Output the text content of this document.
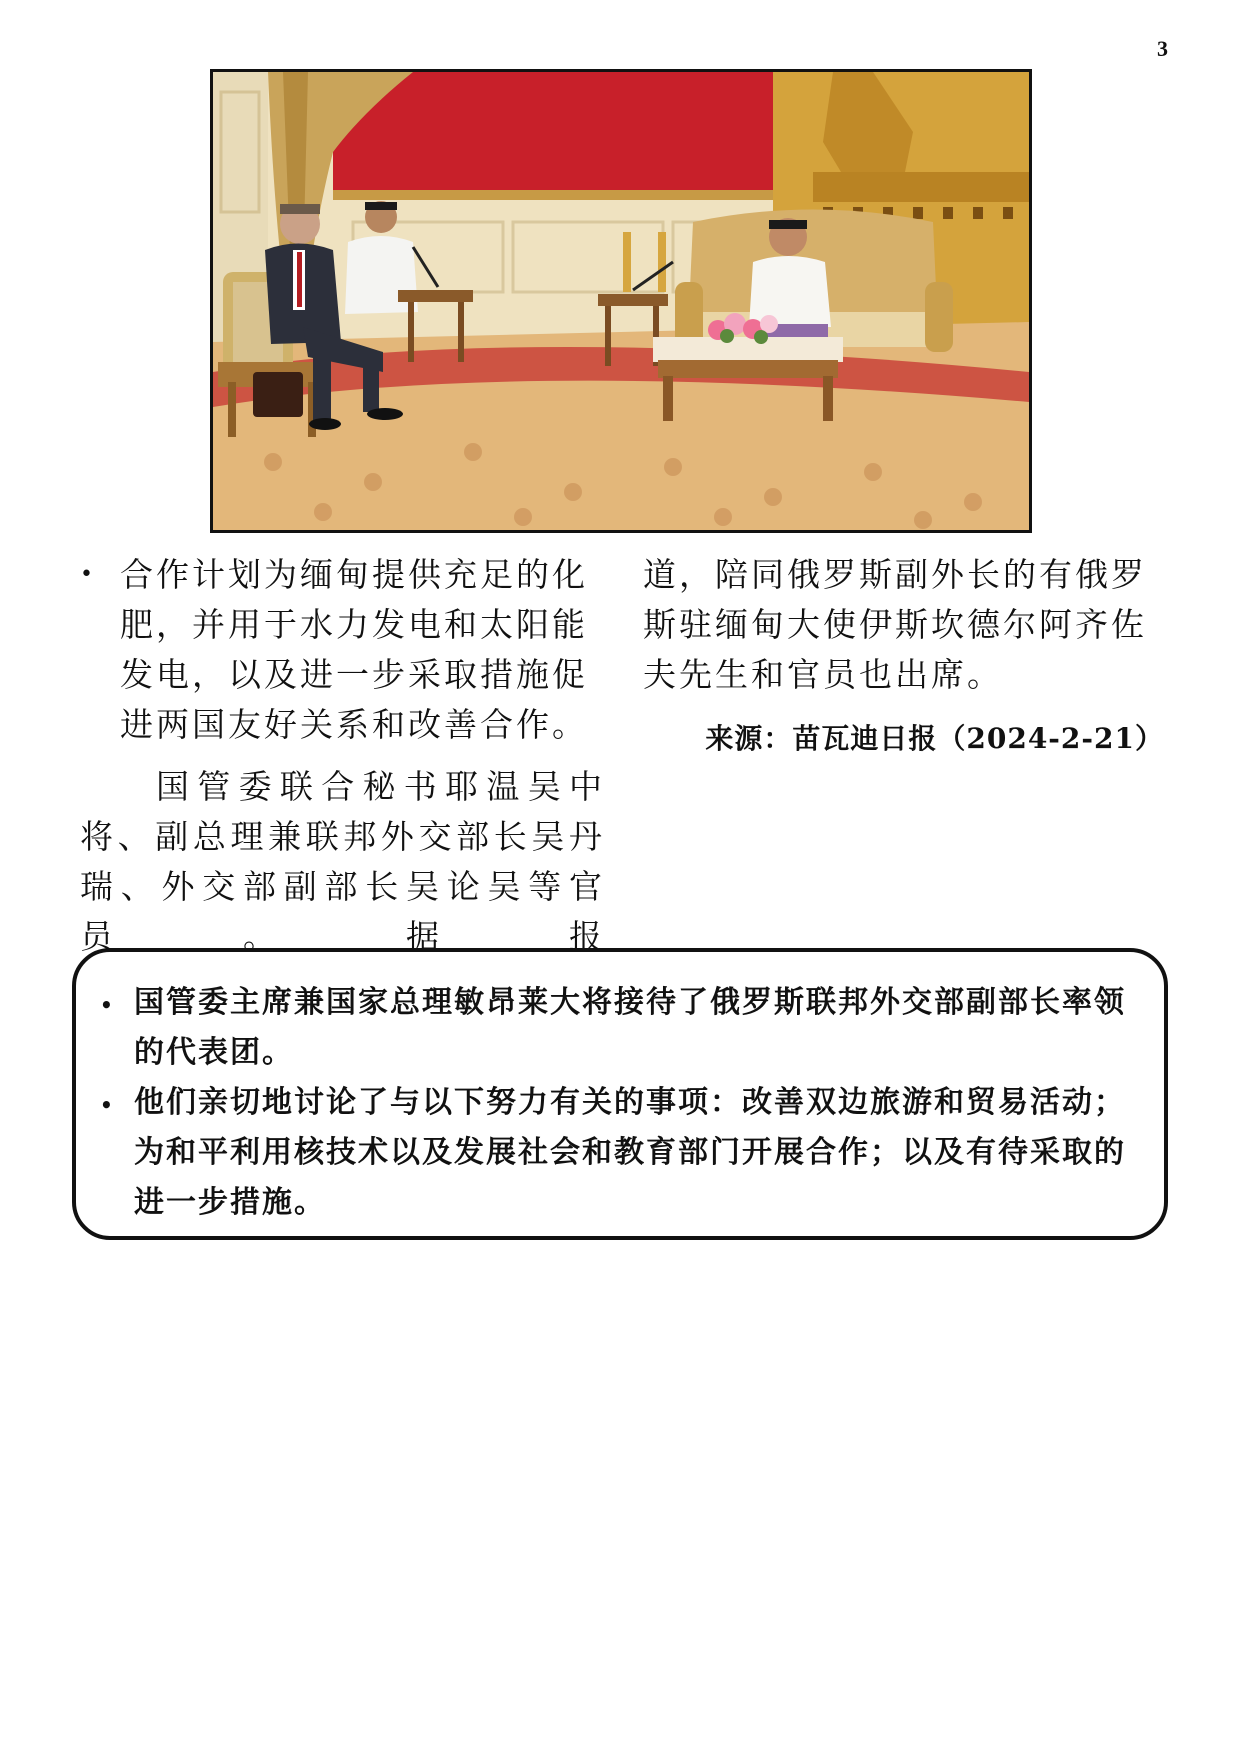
3

• 合作计划为缅甸提供充足的化肥，并用于水力发电和太阳能发电，以及进一步采取措施促进两国友好关系和改善合作。

国管委联合秘书耶温吴中将、副总理兼联邦外交部长吴丹瑞、外交部副部长吴论吴等官员。据报

道，陪同俄罗斯副外长的有俄罗斯驻缅甸大使伊斯坎德尔阿齐佐夫先生和官员也出席。

来源：苗瓦迪日报（2024-2-21）

• 国管委主席兼国家总理敏昂莱大将接待了俄罗斯联邦外交部副部长率领的代表团。

• 他们亲切地讨论了与以下努力有关的事项：改善双边旅游和贸易活动；为和平利用核技术以及发展社会和教育部门开展合作；以及有待采取的进一步措施。
